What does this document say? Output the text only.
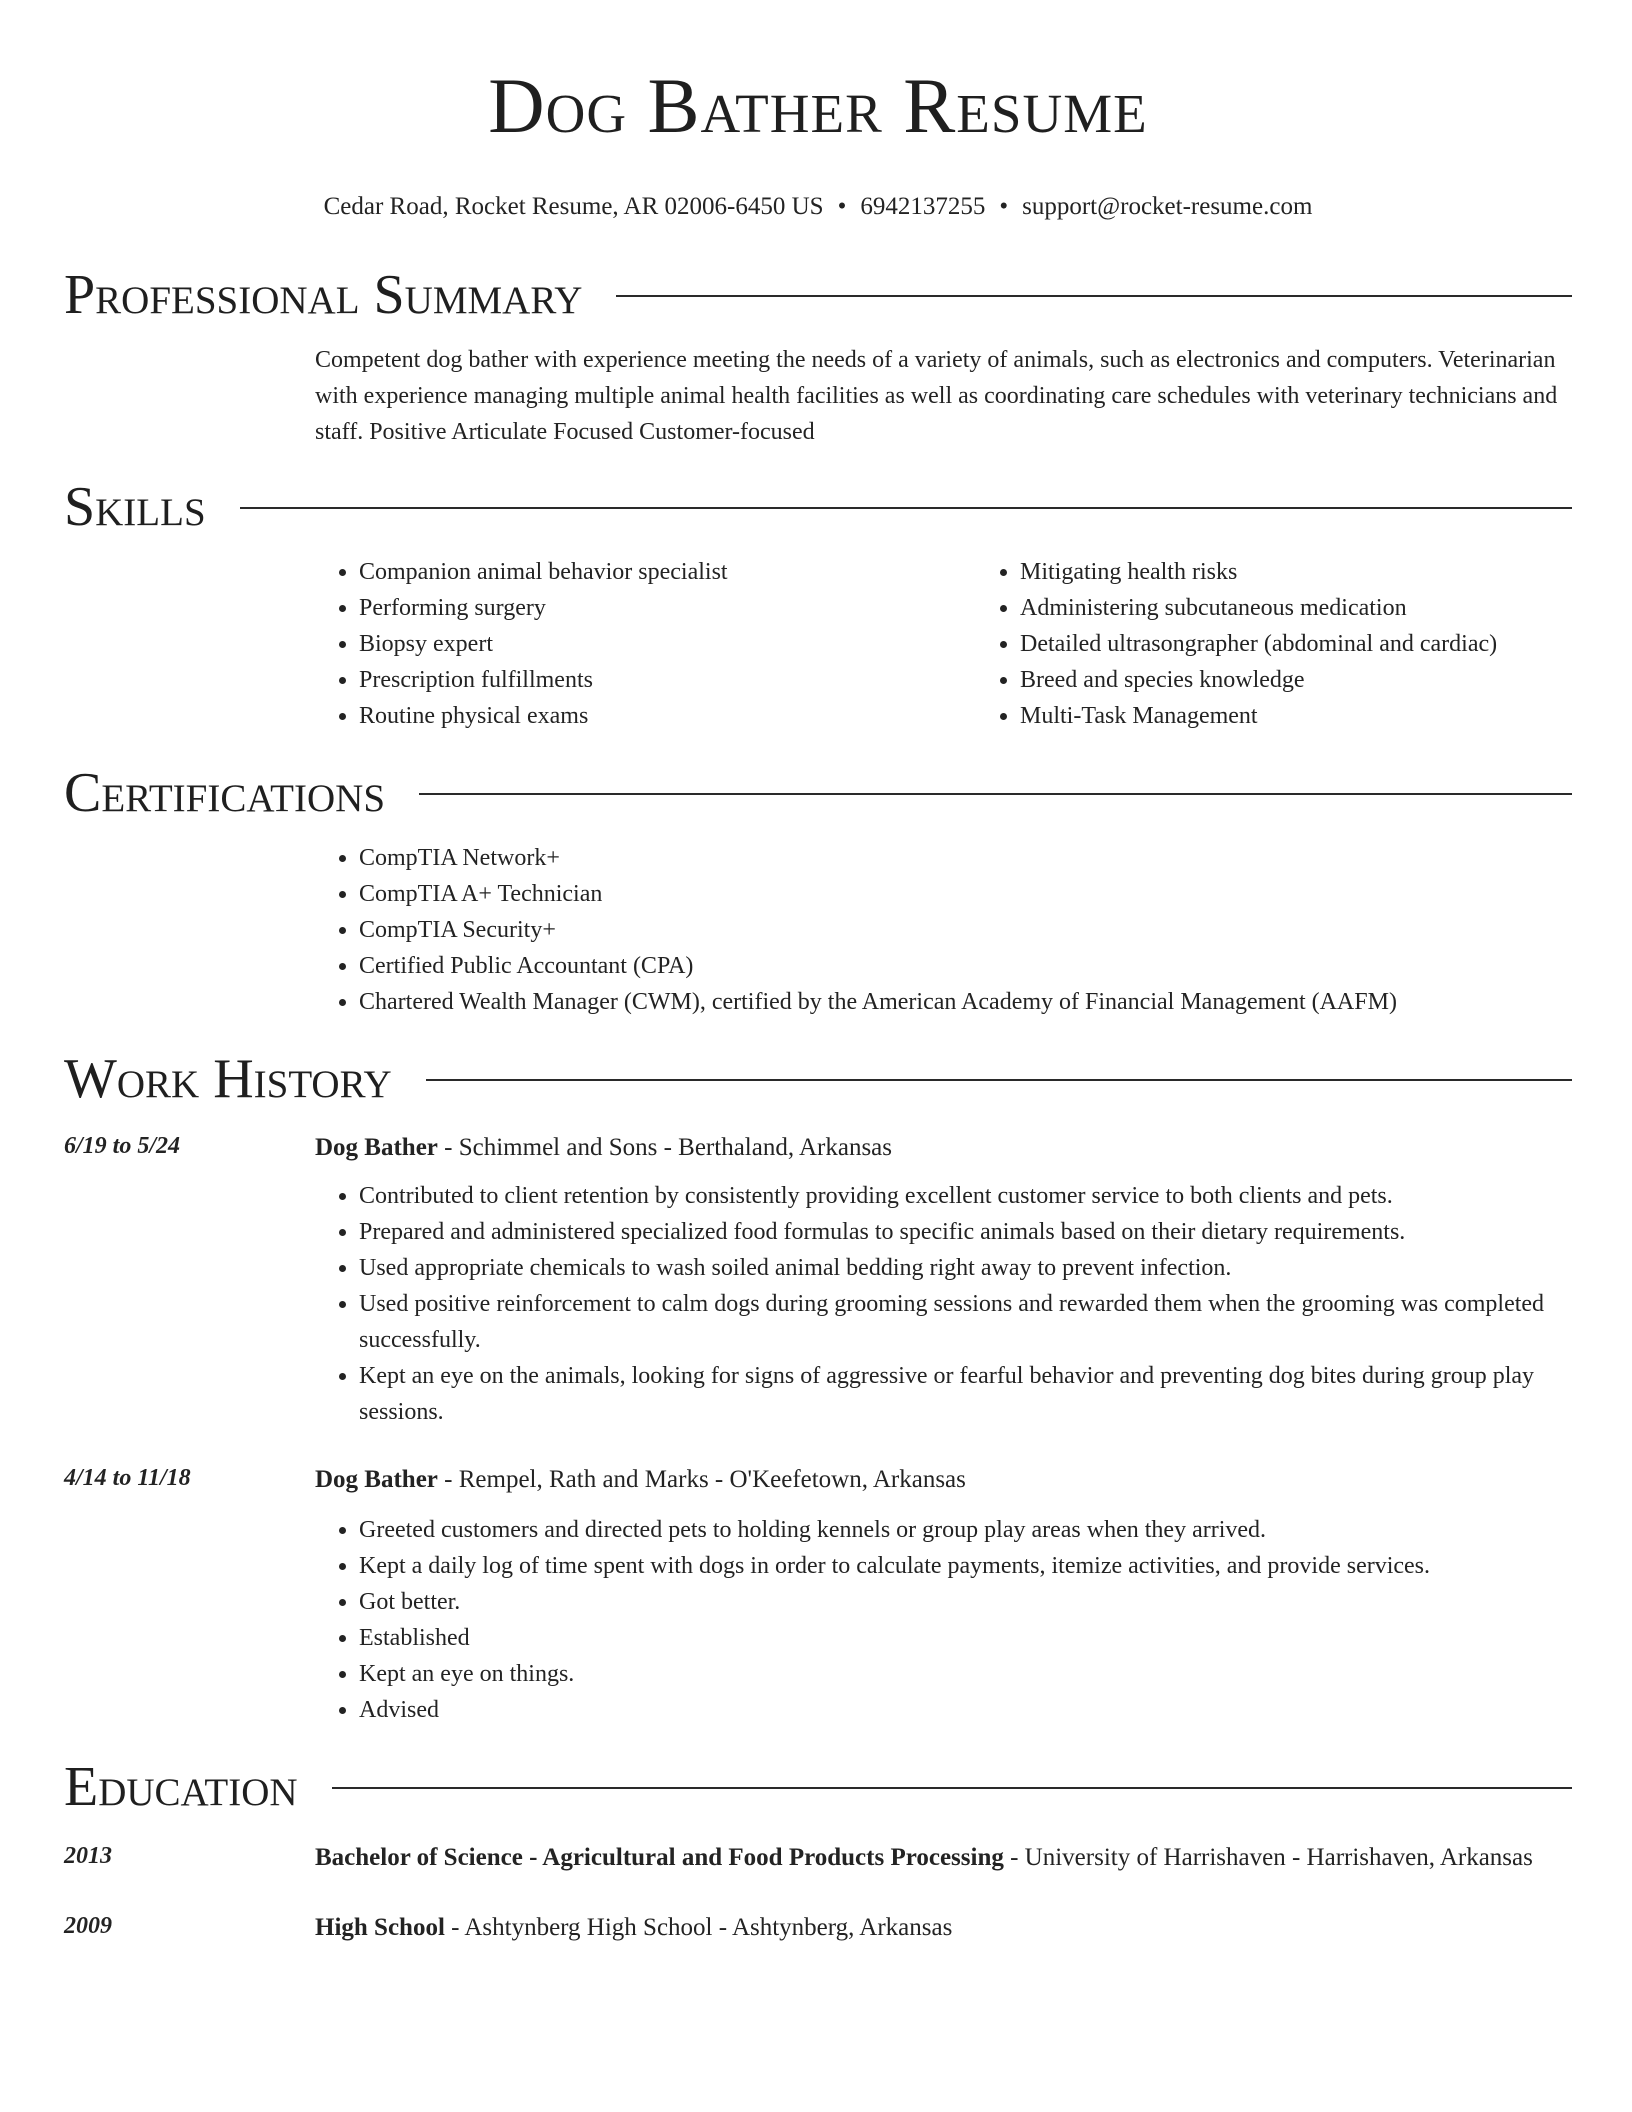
Dog Bather Resume
Cedar Road, Rocket Resume, AR 02006-6450 US • 6942137255 • support@rocket-resume.com
Professional Summary
Competent dog bather with experience meeting the needs of a variety of animals, such as electronics and computers. Veterinarian with experience managing multiple animal health facilities as well as coordinating care schedules with veterinary technicians and staff. Positive Articulate Focused Customer-focused
Skills
• Companion animal behavior specialist
• Performing surgery
• Biopsy expert
• Prescription fulfillments
• Routine physical exams
• Mitigating health risks
• Administering subcutaneous medication
• Detailed ultrasongrapher (abdominal and cardiac)
• Breed and species knowledge
• Multi-Task Management
Certifications
• CompTIA Network+
• CompTIA A+ Technician
• CompTIA Security+
• Certified Public Accountant (CPA)
• Chartered Wealth Manager (CWM), certified by the American Academy of Financial Management (AAFM)
Work History
6/19 to 5/24	Dog Bather - Schimmel and Sons - Berthaland, Arkansas
• Contributed to client retention by consistently providing excellent customer service to both clients and pets.
• Prepared and administered specialized food formulas to specific animals based on their dietary requirements.
• Used appropriate chemicals to wash soiled animal bedding right away to prevent infection.
• Used positive reinforcement to calm dogs during grooming sessions and rewarded them when the grooming was completed successfully.
• Kept an eye on the animals, looking for signs of aggressive or fearful behavior and preventing dog bites during group play sessions.
4/14 to 11/18	Dog Bather - Rempel, Rath and Marks - O'Keefetown, Arkansas
• Greeted customers and directed pets to holding kennels or group play areas when they arrived.
• Kept a daily log of time spent with dogs in order to calculate payments, itemize activities, and provide services.
• Got better.
• Established
• Kept an eye on things.
• Advised
Education
2013	Bachelor of Science - Agricultural and Food Products Processing - University of Harrishaven - Harrishaven, Arkansas
2009	High School - Ashtynberg High School - Ashtynberg, Arkansas
